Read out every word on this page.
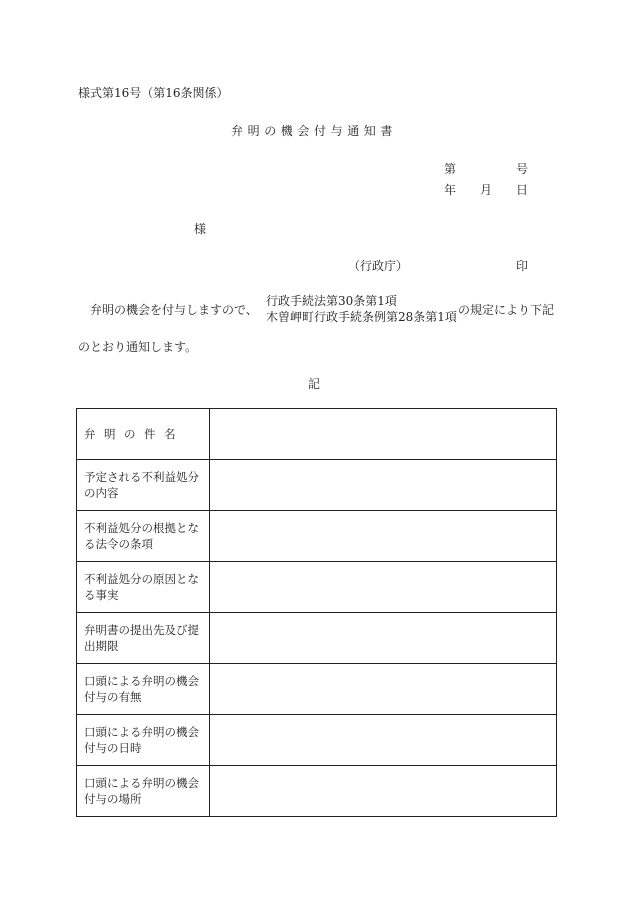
様式第16号（第16条関係）
弁明の機会付与通知書
第	号
年 月 日
様
（行政庁）	印
弁明の機会を付与しますので、
行政手続法第30条第1項
木曽岬町行政手続条例第28条第1項 の規定により下記
のとおり通知します。
記
弁明の件名	
予定される不利益処分の内容	
不利益処分の根拠となる法令の条項	
不利益処分の原因となる事実	
弁明書の提出先及び提出期限	
口頭による弁明の機会付与の有無	
口頭による弁明の機会付与の日時	
口頭による弁明の機会付与の場所	
